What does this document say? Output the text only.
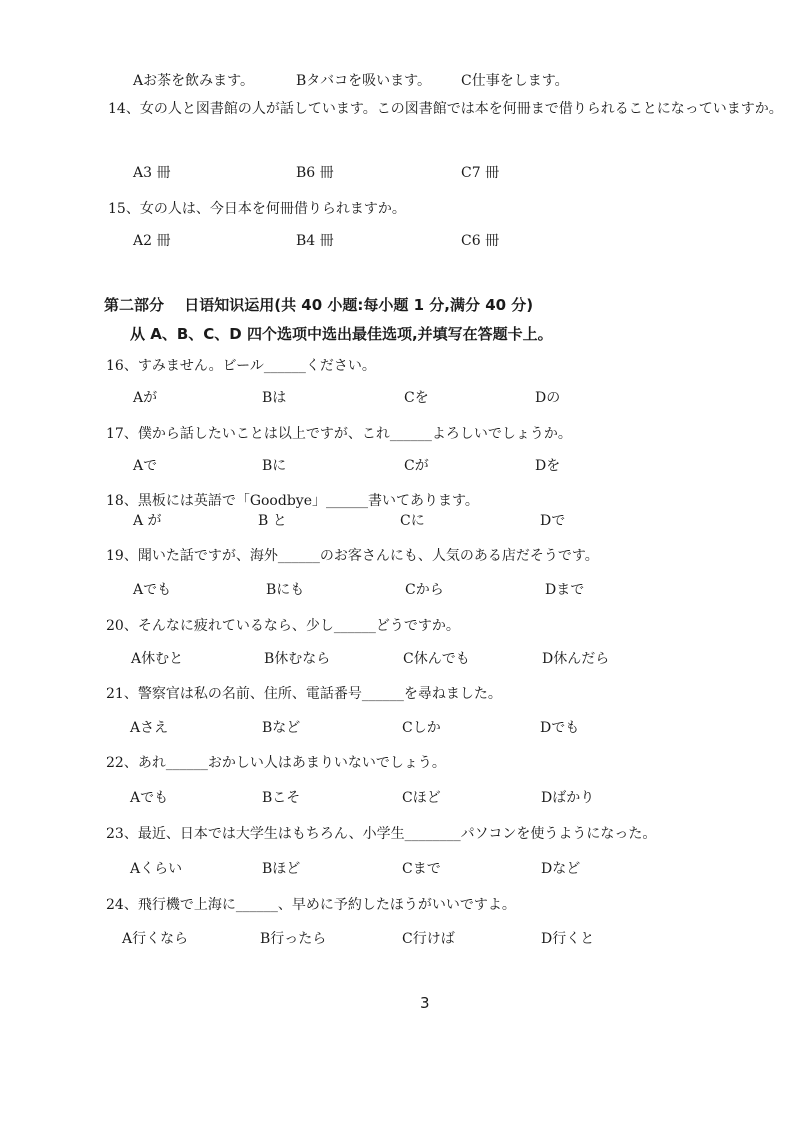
Aお茶を飲みます。	Bタバコを吸います。 C仕事をします。
14、女の人と図書館の人が話しています。この図書館では本を何冊まで借りられることになっていますか。
A3 冊	B6 冊	C7 冊
15、女の人は、今日本を何冊借りられますか。
A2 冊	B4 冊	C6 冊
第二部分　 日语知识运用(共 40 小题:每小题 1 分,满分 40 分)
从 A、B、C、D 四个选项中选出最佳选项,并填写在答题卡上。
16、すみません。ビール______ください。
Aが	Bは	Cを	Dの
17、僕から話したいことは以上ですが、これ______よろしいでしょうか。
Aで	Bに	Cが	Dを
18、黒板には英語で「Goodbye」______書いてあります。
A が	B と	Cに	Dで
19、聞いた話ですが、海外______のお客さんにも、人気のある店だそうです。
Aでも	Bにも	Cから	Dまで
20、そんなに疲れているなら、少し______どうですか。
A休むと	B休むなら	C休んでも	D休んだら
21、警察官は私の名前、住所、電話番号______を尋ねました。
Aさえ	Bなど	Cしか	Dでも
22、あれ______おかしい人はあまりいないでしょう。
Aでも	Bこそ	Cほど	Dばかり
23、最近、日本では大学生はもちろん、小学生________パソコンを使うようになった。
Aくらい	Bほど	Cまで	Dなど
24、飛行機で上海に______、早めに予約したほうがいいですよ。
A行くなら	B行ったら	C行けば	D行くと
3
